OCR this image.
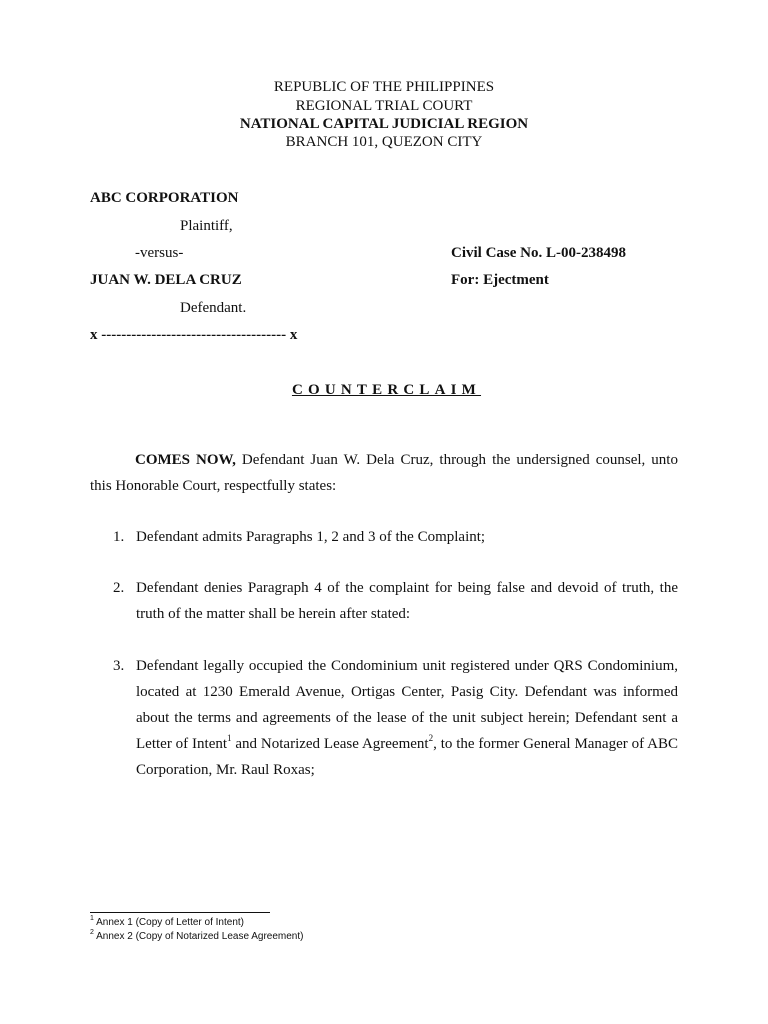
REPUBLIC OF THE PHILIPPINES
REGIONAL TRIAL COURT
NATIONAL CAPITAL JUDICIAL REGION
BRANCH 101, QUEZON CITY
ABC CORPORATION
Plaintiff,
-versus-	Civil Case No. L-00-238498
JUAN W. DELA CRUZ	For: Ejectment
Defendant.
x ------------------------------------- x
COUNTERCLAIM
COMES NOW, Defendant Juan W. Dela Cruz, through the undersigned counsel, unto this Honorable Court, respectfully states:
1. Defendant admits Paragraphs 1, 2 and 3 of the Complaint;
2. Defendant denies Paragraph 4 of the complaint for being false and devoid of truth, the truth of the matter shall be herein after stated:
3. Defendant legally occupied the Condominium unit registered under QRS Condominium, located at 1230 Emerald Avenue, Ortigas Center, Pasig City. Defendant was informed about the terms and agreements of the lease of the unit subject herein; Defendant sent a Letter of Intent$^1$ and Notarized Lease Agreement$^2$, to the former General Manager of ABC Corporation, Mr. Raul Roxas;
$^1$ Annex 1 (Copy of Letter of Intent)
$^2$ Annex 2 (Copy of Notarized Lease Agreement)
